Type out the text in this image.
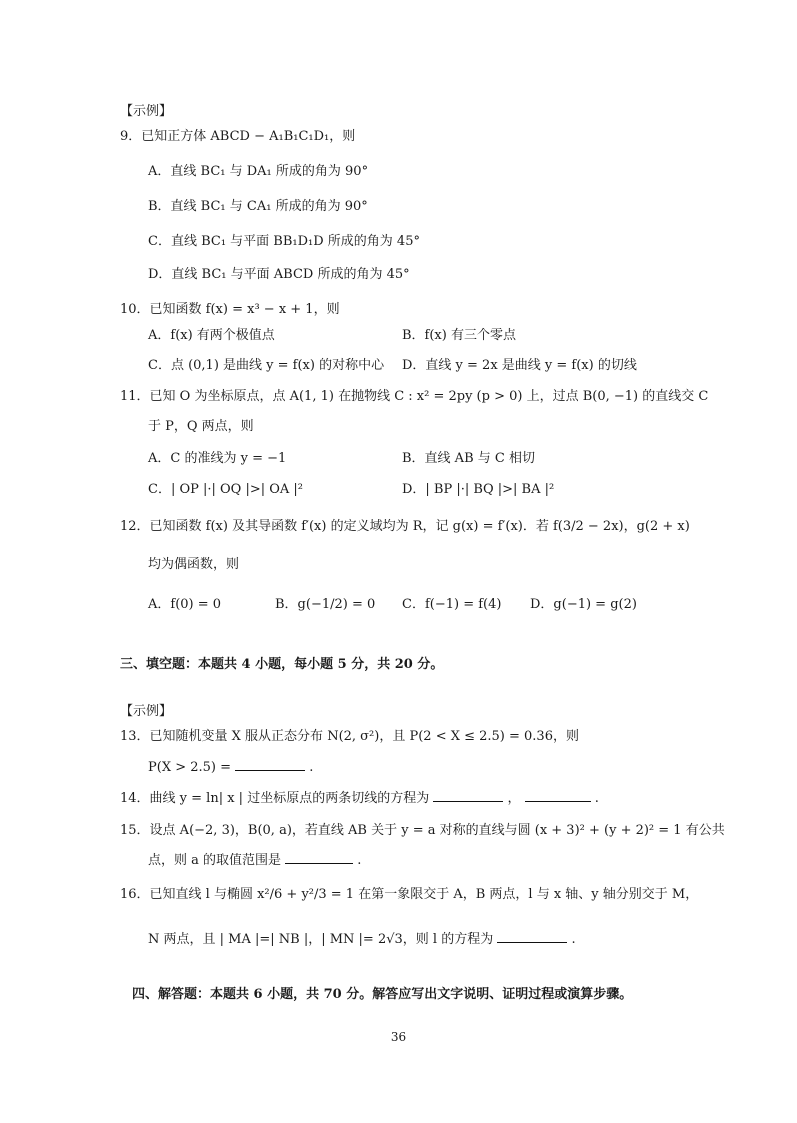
【示例】
9．已知正方体 ABCD − A₁B₁C₁D₁，则
A．直线 BC₁ 与 DA₁ 所成的角为 90°
B．直线 BC₁ 与 CA₁ 所成的角为 90°
C．直线 BC₁ 与平面 BB₁D₁D 所成的角为 45°
D．直线 BC₁ 与平面 ABCD 所成的角为 45°
10．已知函数 f(x) = x³ − x + 1，则
A．f(x) 有两个极值点	B．f(x) 有三个零点
C．点 (0,1) 是曲线 y = f(x) 的对称中心 D．直线 y = 2x 是曲线 y = f(x) 的切线
11．已知 O 为坐标原点，点 A(1, 1) 在抛物线 C : x² = 2py (p > 0) 上，过点 B(0, −1) 的直线交 C
于 P，Q 两点，则
A．C 的准线为 y = −1	B．直线 AB 与 C 相切
C．| OP |·| OQ |>| OA |²	D．| BP |·| BQ |>| BA |²
12．已知函数 f(x) 及其导函数 f′(x) 的定义域均为 R，记 g(x) = f′(x)．若 f(3/2 − 2x)，g(2 + x)
均为偶函数，则
A．f(0) = 0	B．g(−1/2) = 0 C．f(−1) = f(4) D．g(−1) = g(2)
三、填空题：本题共 4 小题，每小题 5 分，共 20 分。
【示例】
13．已知随机变量 X 服从正态分布 N(2, σ²)，且 P(2 < X ≤ 2.5) = 0.36，则
P(X > 2.5) =	.
14．曲线 y = ln| x | 过坐标原点的两条切线的方程为	，	.
15．设点 A(−2, 3)，B(0, a)，若直线 AB 关于 y = a 对称的直线与圆 (x + 3)² + (y + 2)² = 1 有公共
点，则 a 的取值范围是	.
16．已知直线 l 与椭圆 x²/6 + y²/3 = 1 在第一象限交于 A，B 两点，l 与 x 轴、y 轴分别交于 M，
N 两点，且 | MA |=| NB |，| MN |= 2√3，则 l 的方程为	.
四、解答题：本题共 6 小题，共 70 分。解答应写出文字说明、证明过程或演算步骤。
36
